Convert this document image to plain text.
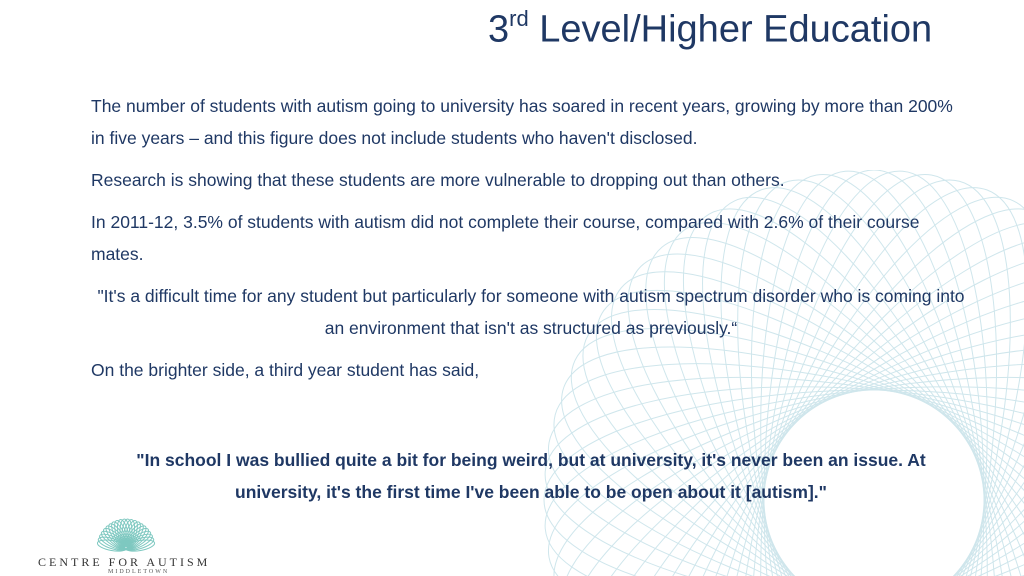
3rd Level/Higher Education

The number of students with autism going to university has soared in recent years, growing by more than 200% in five years – and this figure does not include students who haven't disclosed.

Research is showing that these students are more vulnerable to dropping out than others.

In 2011-12, 3.5% of students with autism did not complete their course, compared with 2.6% of their course mates.

"It's a difficult time for any student but particularly for someone with autism spectrum disorder who is coming into an environment that isn't as structured as previously.“

On the brighter side, a third year student has said,

"In school I was bullied quite a bit for being weird, but at university, it's never been an issue. At university, it's the first time I've been able to be open about it [autism]."

CENTRE FOR AUTISM
MIDDLETOWN
